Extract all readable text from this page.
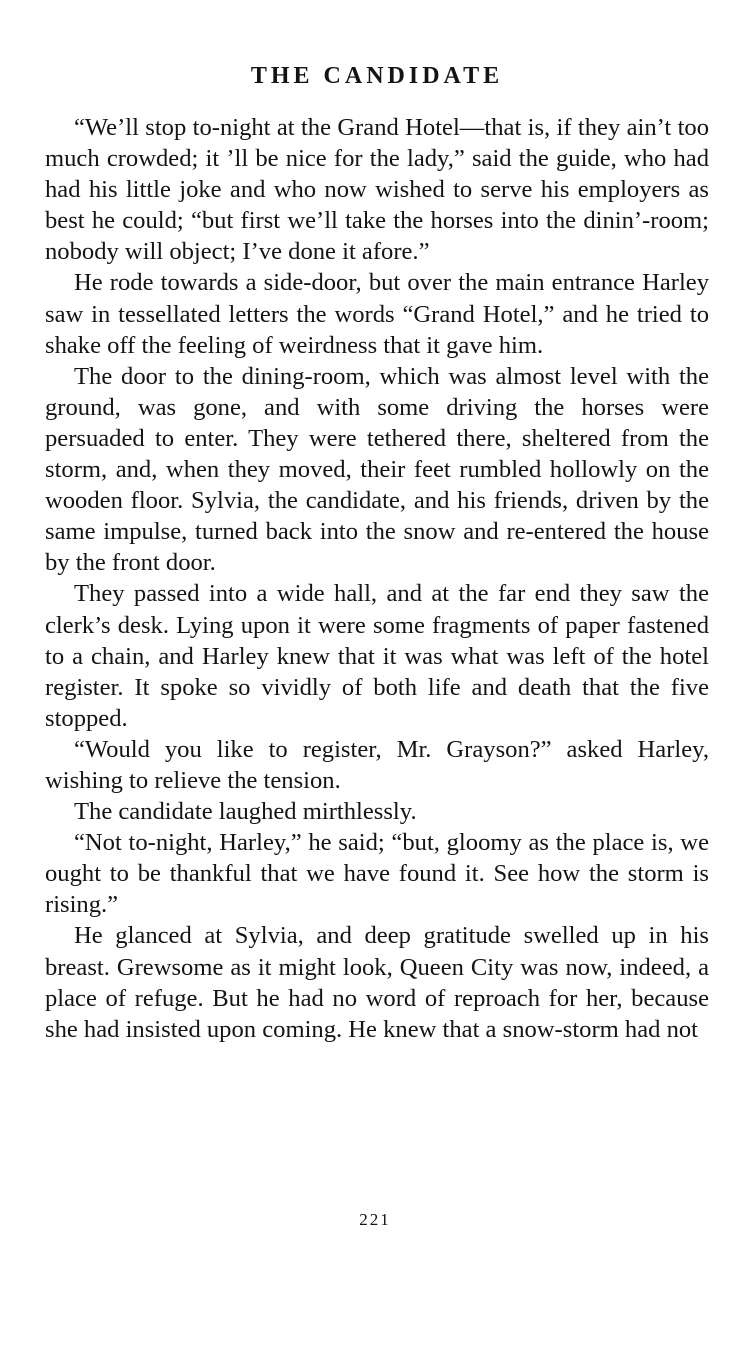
THE CANDIDATE

“We’ll stop to-night at the Grand Hotel—that is, if they ain’t too much crowded; it ’ll be nice for the lady,” said the guide, who had had his little joke and who now wished to serve his employers as best he could; “but first we’ll take the horses into the dinin’-room; nobody will object; I’ve done it afore.”

He rode towards a side-door, but over the main entrance Harley saw in tessellated letters the words “Grand Hotel,” and he tried to shake off the feeling of weirdness that it gave him.

The door to the dining-room, which was almost level with the ground, was gone, and with some driving the horses were persuaded to enter. They were tethered there, sheltered from the storm, and, when they moved, their feet rumbled hollowly on the wooden floor. Sylvia, the candidate, and his friends, driven by the same impulse, turned back into the snow and re-entered the house by the front door.

They passed into a wide hall, and at the far end they saw the clerk’s desk. Lying upon it were some fragments of paper fastened to a chain, and Harley knew that it was what was left of the hotel register. It spoke so vividly of both life and death that the five stopped.

“Would you like to register, Mr. Grayson?” asked Harley, wishing to relieve the tension.

The candidate laughed mirthlessly.

“Not to-night, Harley,” he said; “but, gloomy as the place is, we ought to be thankful that we have found it. See how the storm is rising.”

He glanced at Sylvia, and deep gratitude swelled up in his breast. Grewsome as it might look, Queen City was now, indeed, a place of refuge. But he had no word of reproach for her, because she had insisted upon coming. He knew that a snow-storm had not

221
